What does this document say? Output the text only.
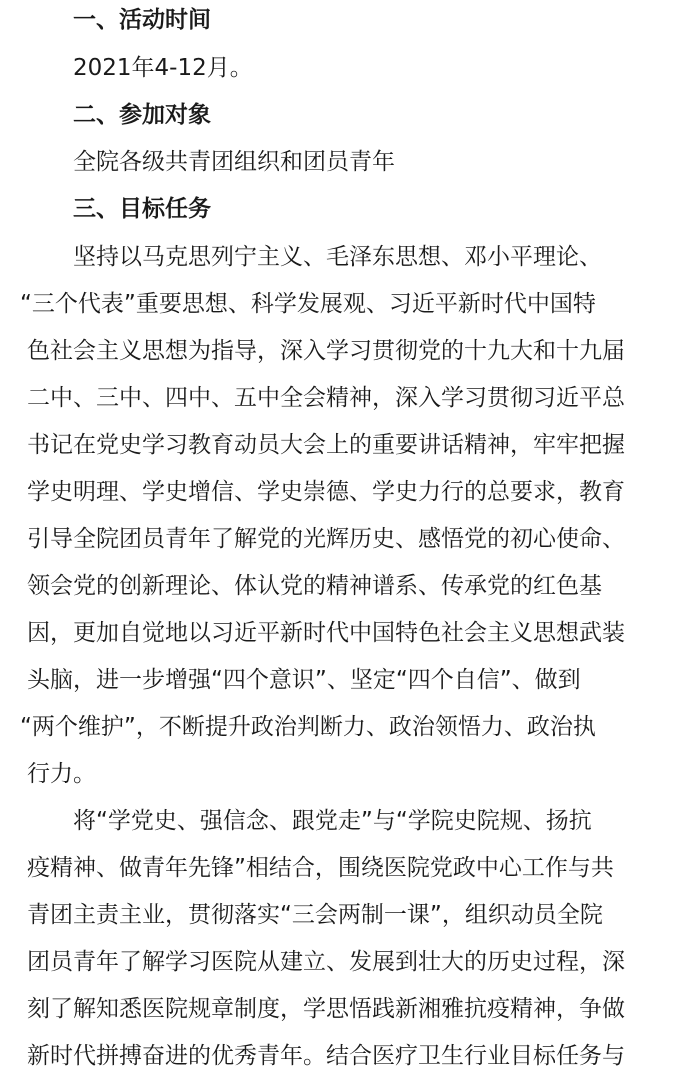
一、活动时间
2021年4-12月。
二、参加对象
全院各级共青团组织和团员青年
三、目标任务
坚持以马克思列宁主义、毛泽东思想、邓小平理论、
“三个代表”重要思想、科学发展观、习近平新时代中国特
色社会主义思想为指导，深入学习贯彻党的十九大和十九届
二中、三中、四中、五中全会精神，深入学习贯彻习近平总
书记在党史学习教育动员大会上的重要讲话精神，牢牢把握
学史明理、学史增信、学史崇德、学史力行的总要求，教育
引导全院团员青年了解党的光辉历史、感悟党的初心使命、
领会党的创新理论、体认党的精神谱系、传承党的红色基
因，更加自觉地以习近平新时代中国特色社会主义思想武装
头脑，进一步增强“四个意识”、坚定“四个自信”、做到
“两个维护”，不断提升政治判断力、政治领悟力、政治执
行力。
将“学党史、强信念、跟党走”与“学院史院规、扬抗
疫精神、做青年先锋”相结合，围绕医院党政中心工作与共
青团主责主业，贯彻落实“三会两制一课”，组织动员全院
团员青年了解学习医院从建立、发展到壮大的历史过程，深
刻了解知悉医院规章制度，学思悟践新湘雅抗疫精神，争做
新时代拼搏奋进的优秀青年。结合医疗卫生行业目标任务与
